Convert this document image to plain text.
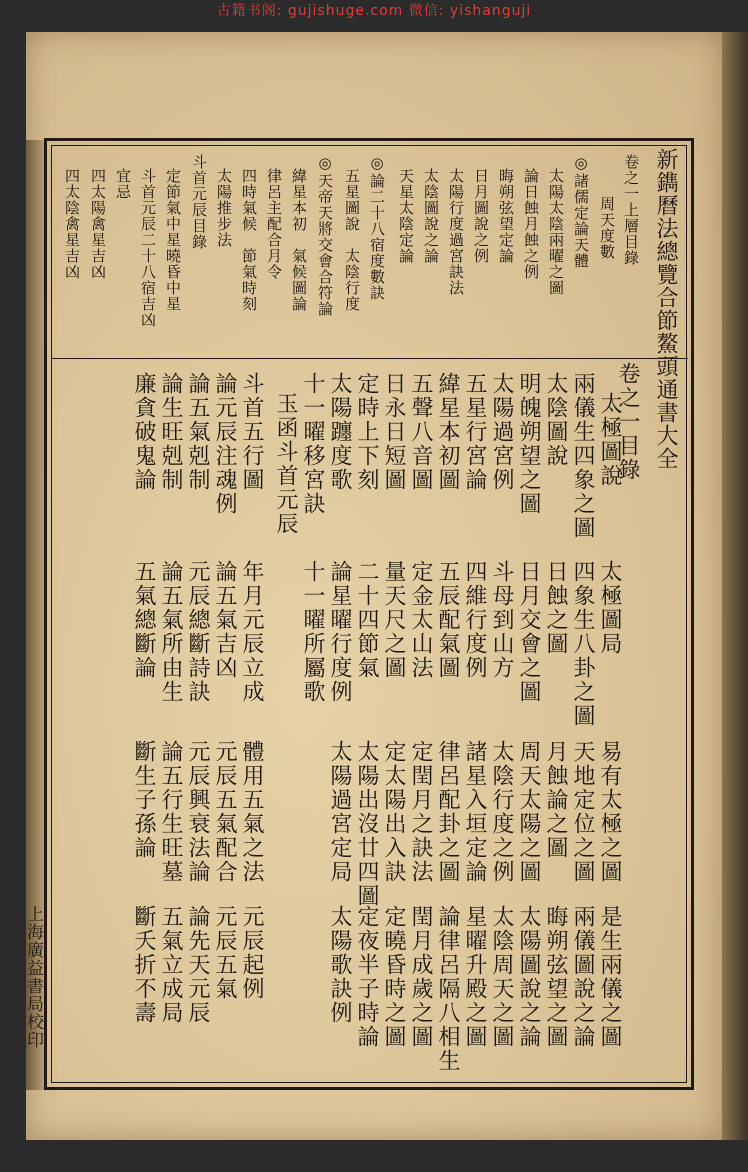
古籍书阁: gujishuge.com 微信: yishanguji
新鐫曆法總覽合節鰲頭通書大全
上海廣益書局校印
卷之一上層目錄
周天度數
◎諸儒定論天體
太陽太陰兩曜之圖
論日蝕月蝕之例
晦朔弦望定論
日月圖說之例
太陽行度過宮訣法
太陰圖說之論
天星太陰定論
◎論二十八宿度數訣
五星圖說　太陰行度
◎天帝天將交會合符論
緯星本初　氣候圖論
律呂主配合月令
四時氣候　節氣時刻
太陽推步法
斗首元辰目錄
定節氣中星曉昏中星
斗首元辰二十八宿吉凶
宜忌
四太陽禽星吉凶
四太陰禽星吉凶
卷之一目錄
太極圖說
太極圖局
易有太極之圖
是生兩儀之圖
兩儀生四象之圖
四象生八卦之圖
天地定位之圖
兩儀圖說之論
太陰圖說
日蝕之圖
月蝕論之圖
晦朔弦望之圖
明魄朔望之圖
日月交會之圖
周天太陽之圖
太陽圖說之論
太陽過宮例
斗母到山方
太陰行度之例
太陰周天之圖
五星行宮論
四維行度例
諸星入垣定論
星曜升殿之圖
緯星本初圖
五辰配氣圖
律呂配卦之圖
論律呂隔八相生
五聲八音圖
定金太山法
定閏月之訣法
閏月成歲之圖
日永日短圖
量天尺之圖
定太陽出入訣
定曉昏時之圖
定時上下刻
二十四節氣
太陽出沒廿四圖
定夜半子時論
太陽躔度歌
論星曜行度例
太陽過宮定局
太陽歌訣例
十一曜移宮訣
十一曜所屬歌
玉函斗首元辰
斗首五行圖
年月元辰立成
體用五氣之法
元辰起例
論元辰注魂例
論五氣吉凶
元辰五氣配合
元辰五氣
論五氣剋制
元辰總斷詩訣
元辰興衰法論
論先天元辰
論生旺剋制
論五氣所由生
論五行生旺墓
五氣立成局
廉貪破鬼論
五氣總斷論
斷生子孫論
斷夭折不壽
